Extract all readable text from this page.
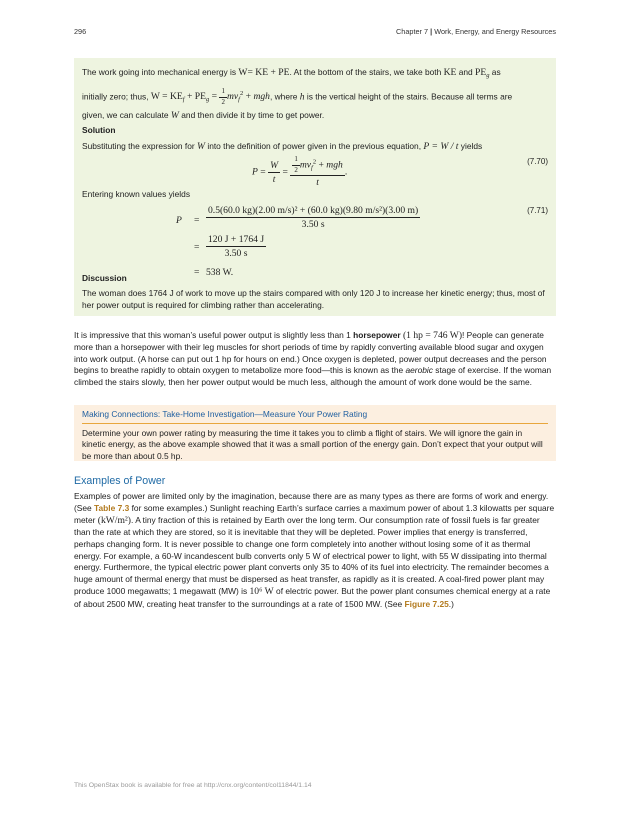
296	Chapter 7 | Work, Energy, and Energy Resources

The work going into mechanical energy is W= KE + PE. At the bottom of the stairs, we take both KE and $PE_g$ as

initially zero; thus, $W = KE_f + PE_g = \frac{1}{2} mv_f^2$ + mgh, where h is the vertical height of the stairs. Because all terms are

given, we can calculate W and then divide it by time to get power.

Solution

Substituting the expression for W into the definition of power given in the previous equation, P = W / t yields

$P = \frac{W}{t} = \frac{\frac{1}{2} mv_f^2 + mgh}{t}$ .
(7.70)

Entering known values yields

$P = \frac{\text{0.5(60.0 kg)(2.00 m/s)² + (60.0 kg)(9.80 m/s²)(3.00 m)}}{3.50 s}$
= $\frac{120 J + 1764 J}{3.50 s}$
= 538 W.
(7.71)

Discussion

The woman does 1764 J of work to move up the stairs compared with only 120 J to increase her kinetic energy; thus, most of her power output is required for climbing rather than accelerating.

It is impressive that this woman’s useful power output is slightly less than 1 horsepower (1 hp = 746 W)! People can generate more than a horsepower with their leg muscles for short periods of time by rapidly converting available blood sugar and oxygen into work output. (A horse can put out 1 hp for hours on end.) Once oxygen is depleted, power output decreases and the person begins to breathe rapidly to obtain oxygen to metabolize more food—this is known as the aerobic stage of exercise. If the woman climbed the stairs slowly, then her power output would be much less, although the amount of work done would be the same.

Making Connections: Take-Home Investigation—Measure Your Power Rating
Determine your own power rating by measuring the time it takes you to climb a flight of stairs. We will ignore the gain in kinetic energy, as the above example showed that it was a small portion of the energy gain. Don’t expect that your output will be more than about 0.5 hp.
Examples of Power

Examples of power are limited only by the imagination, because there are as many types as there are forms of work and energy. (See Table 7.3 for some examples.) Sunlight reaching Earth’s surface carries a maximum power of about 1.3 kilowatts per square meter (kW/m²). A tiny fraction of this is retained by Earth over the long term. Our consumption rate of fossil fuels is far greater than the rate at which they are stored, so it is inevitable that they will be depleted. Power implies that energy is transferred, perhaps changing form. It is never possible to change one form completely into another without losing some of it as thermal energy. For example, a 60-W incandescent bulb converts only 5 W of electrical power to light, with 55 W dissipating into thermal energy. Furthermore, the typical electric power plant converts only 35 to 40% of its fuel into electricity. The remainder becomes a huge amount of thermal energy that must be dispersed as heat transfer, as rapidly as it is created. A coal-fired power plant may produce 1000 megawatts; 1 megawatt (MW) is 10⁶ W of electric power. But the power plant consumes chemical energy at a rate of about 2500 MW, creating heat transfer to the surroundings at a rate of 1500 MW. (See Figure 7.25.)

This OpenStax book is available for free at http://cnx.org/content/col11844/1.14
